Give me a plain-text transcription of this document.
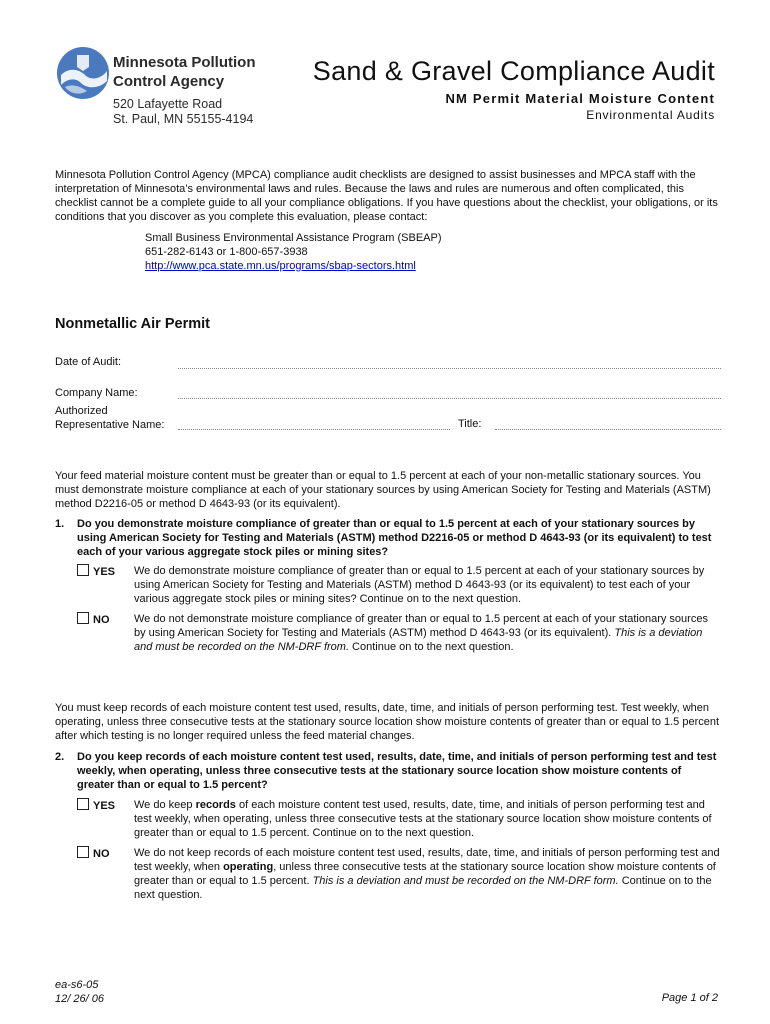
Minnesota Pollution
Control Agency
520 Lafayette Road
St. Paul, MN 55155-4194
Sand & Gravel Compliance Audit
NM Permit Material Moisture Content
Environmental Audits
Minnesota Pollution Control Agency (MPCA) compliance audit checklists are designed to assist businesses and MPCA staff with the interpretation of Minnesota’s environmental laws and rules. Because the laws and rules are numerous and often complicated, this checklist cannot be a complete guide to all your compliance obligations. If you have questions about the checklist, your obligations, or its conditions that you discover as you complete this evaluation, please contact:
Small Business Environmental Assistance Program (SBEAP)
651-282-6143 or 1-800-657-3938
http://www.pca.state.mn.us/programs/sbap-sectors.html
Nonmetallic Air Permit
Date of Audit:
Company Name:
Authorized
Representative Name:	Title:
Your feed material moisture content must be greater than or equal to 1.5 percent at each of your non-metallic stationary sources. You must demonstrate moisture compliance at each of your stationary sources by using American Society for Testing and Materials (ASTM) method D2216-05 or method D 4643-93 (or its equivalent).
1. Do you demonstrate moisture compliance of greater than or equal to 1.5 percent at each of your stationary sources by using American Society for Testing and Materials (ASTM) method D2216-05 or method D 4643-93 (or its equivalent) to test each of your various aggregate stock piles or mining sites?
YES We do demonstrate moisture compliance of greater than or equal to 1.5 percent at each of your stationary sources by using American Society for Testing and Materials (ASTM) method D 4643-93 (or its equivalent) to test each of your various aggregate stock piles or mining sites? Continue on to the next question.
NO We do not demonstrate moisture compliance of greater than or equal to 1.5 percent at each of your stationary sources by using American Society for Testing and Materials (ASTM) method D 4643-93 (or its equivalent). This is a deviation and must be recorded on the NM-DRF from. Continue on to the next question.
You must keep records of each moisture content test used, results, date, time, and initials of person performing test. Test weekly, when operating, unless three consecutive tests at the stationary source location show moisture contents of greater than or equal to 1.5 percent after which testing is no longer required unless the feed material changes.
2. Do you keep records of each moisture content test used, results, date, time, and initials of person performing test and test weekly, when operating, unless three consecutive tests at the stationary source location show moisture contents of greater than or equal to 1.5 percent?
YES We do keep records of each moisture content test used, results, date, time, and initials of person performing test and test weekly, when operating, unless three consecutive tests at the stationary source location show moisture contents of greater than or equal to 1.5 percent. Continue on to the next question.
NO We do not keep records of each moisture content test used, results, date, time, and initials of person performing test and test weekly, when operating, unless three consecutive tests at the stationary source location show moisture contents of greater than or equal to 1.5 percent. This is a deviation and must be recorded on the NM-DRF form. Continue on to the next question.
ea-s6-05
12/ 26/ 06	Page 1 of 2
